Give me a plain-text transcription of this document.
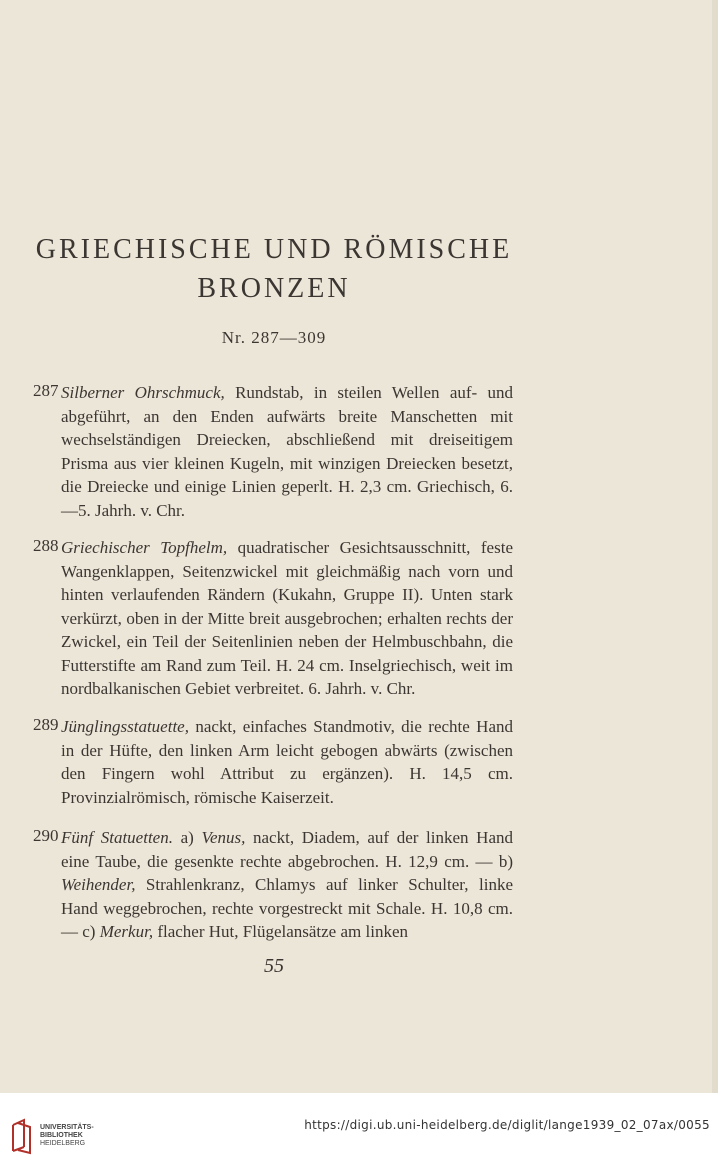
GRIECHISCHE UND RÖMISCHE
BRONZEN
Nr. 287—309
287 Silberner Ohrschmuck, Rundstab, in steilen Wellen auf- und abgeführt, an den Enden aufwärts breite Manschetten mit wechselständigen Dreiecken, abschließend mit dreiseitigem Prisma aus vier kleinen Kugeln, mit winzigen Dreiecken besetzt, die Dreiecke und einige Linien geperlt. H. 2,3 cm. Griechisch, 6.—5. Jahrh. v. Chr.

288 Griechischer Topfhelm, quadratischer Gesichtsausschnitt, feste Wangenklappen, Seitenzwickel mit gleichmäßig nach vorn und hinten verlaufenden Rändern (Kukahn, Gruppe II). Unten stark verkürzt, oben in der Mitte breit ausgebrochen; erhalten rechts der Zwickel, ein Teil der Seitenlinien neben der Helmbuschbahn, die Futterstifte am Rand zum Teil. H. 24 cm. Inselgriechisch, weit im nordbalkanischen Gebiet verbreitet. 6. Jahrh. v. Chr.

289 Jünglingsstatuette, nackt, einfaches Standmotiv, die rechte Hand in der Hüfte, den linken Arm leicht gebogen abwärts (zwischen den Fingern wohl Attribut zu ergänzen). H. 14,5 cm. Provinzialrömisch, römische Kaiserzeit.

290 Fünf Statuetten. a) Venus, nackt, Diadem, auf der linken Hand eine Taube, die gesenkte rechte abgebrochen. H. 12,9 cm. — b) Weihender, Strahlenkranz, Chlamys auf linker Schulter, linke Hand weggebrochen, rechte vorgestreckt mit Schale. H. 10,8 cm. — c) Merkur, flacher Hut, Flügelansätze am linken

55
UNIVERSITÄTS-
BIBLIOTHEK
HEIDELBERG
https://digi.ub.uni-heidelberg.de/diglit/lange1939_02_07ax/0055
